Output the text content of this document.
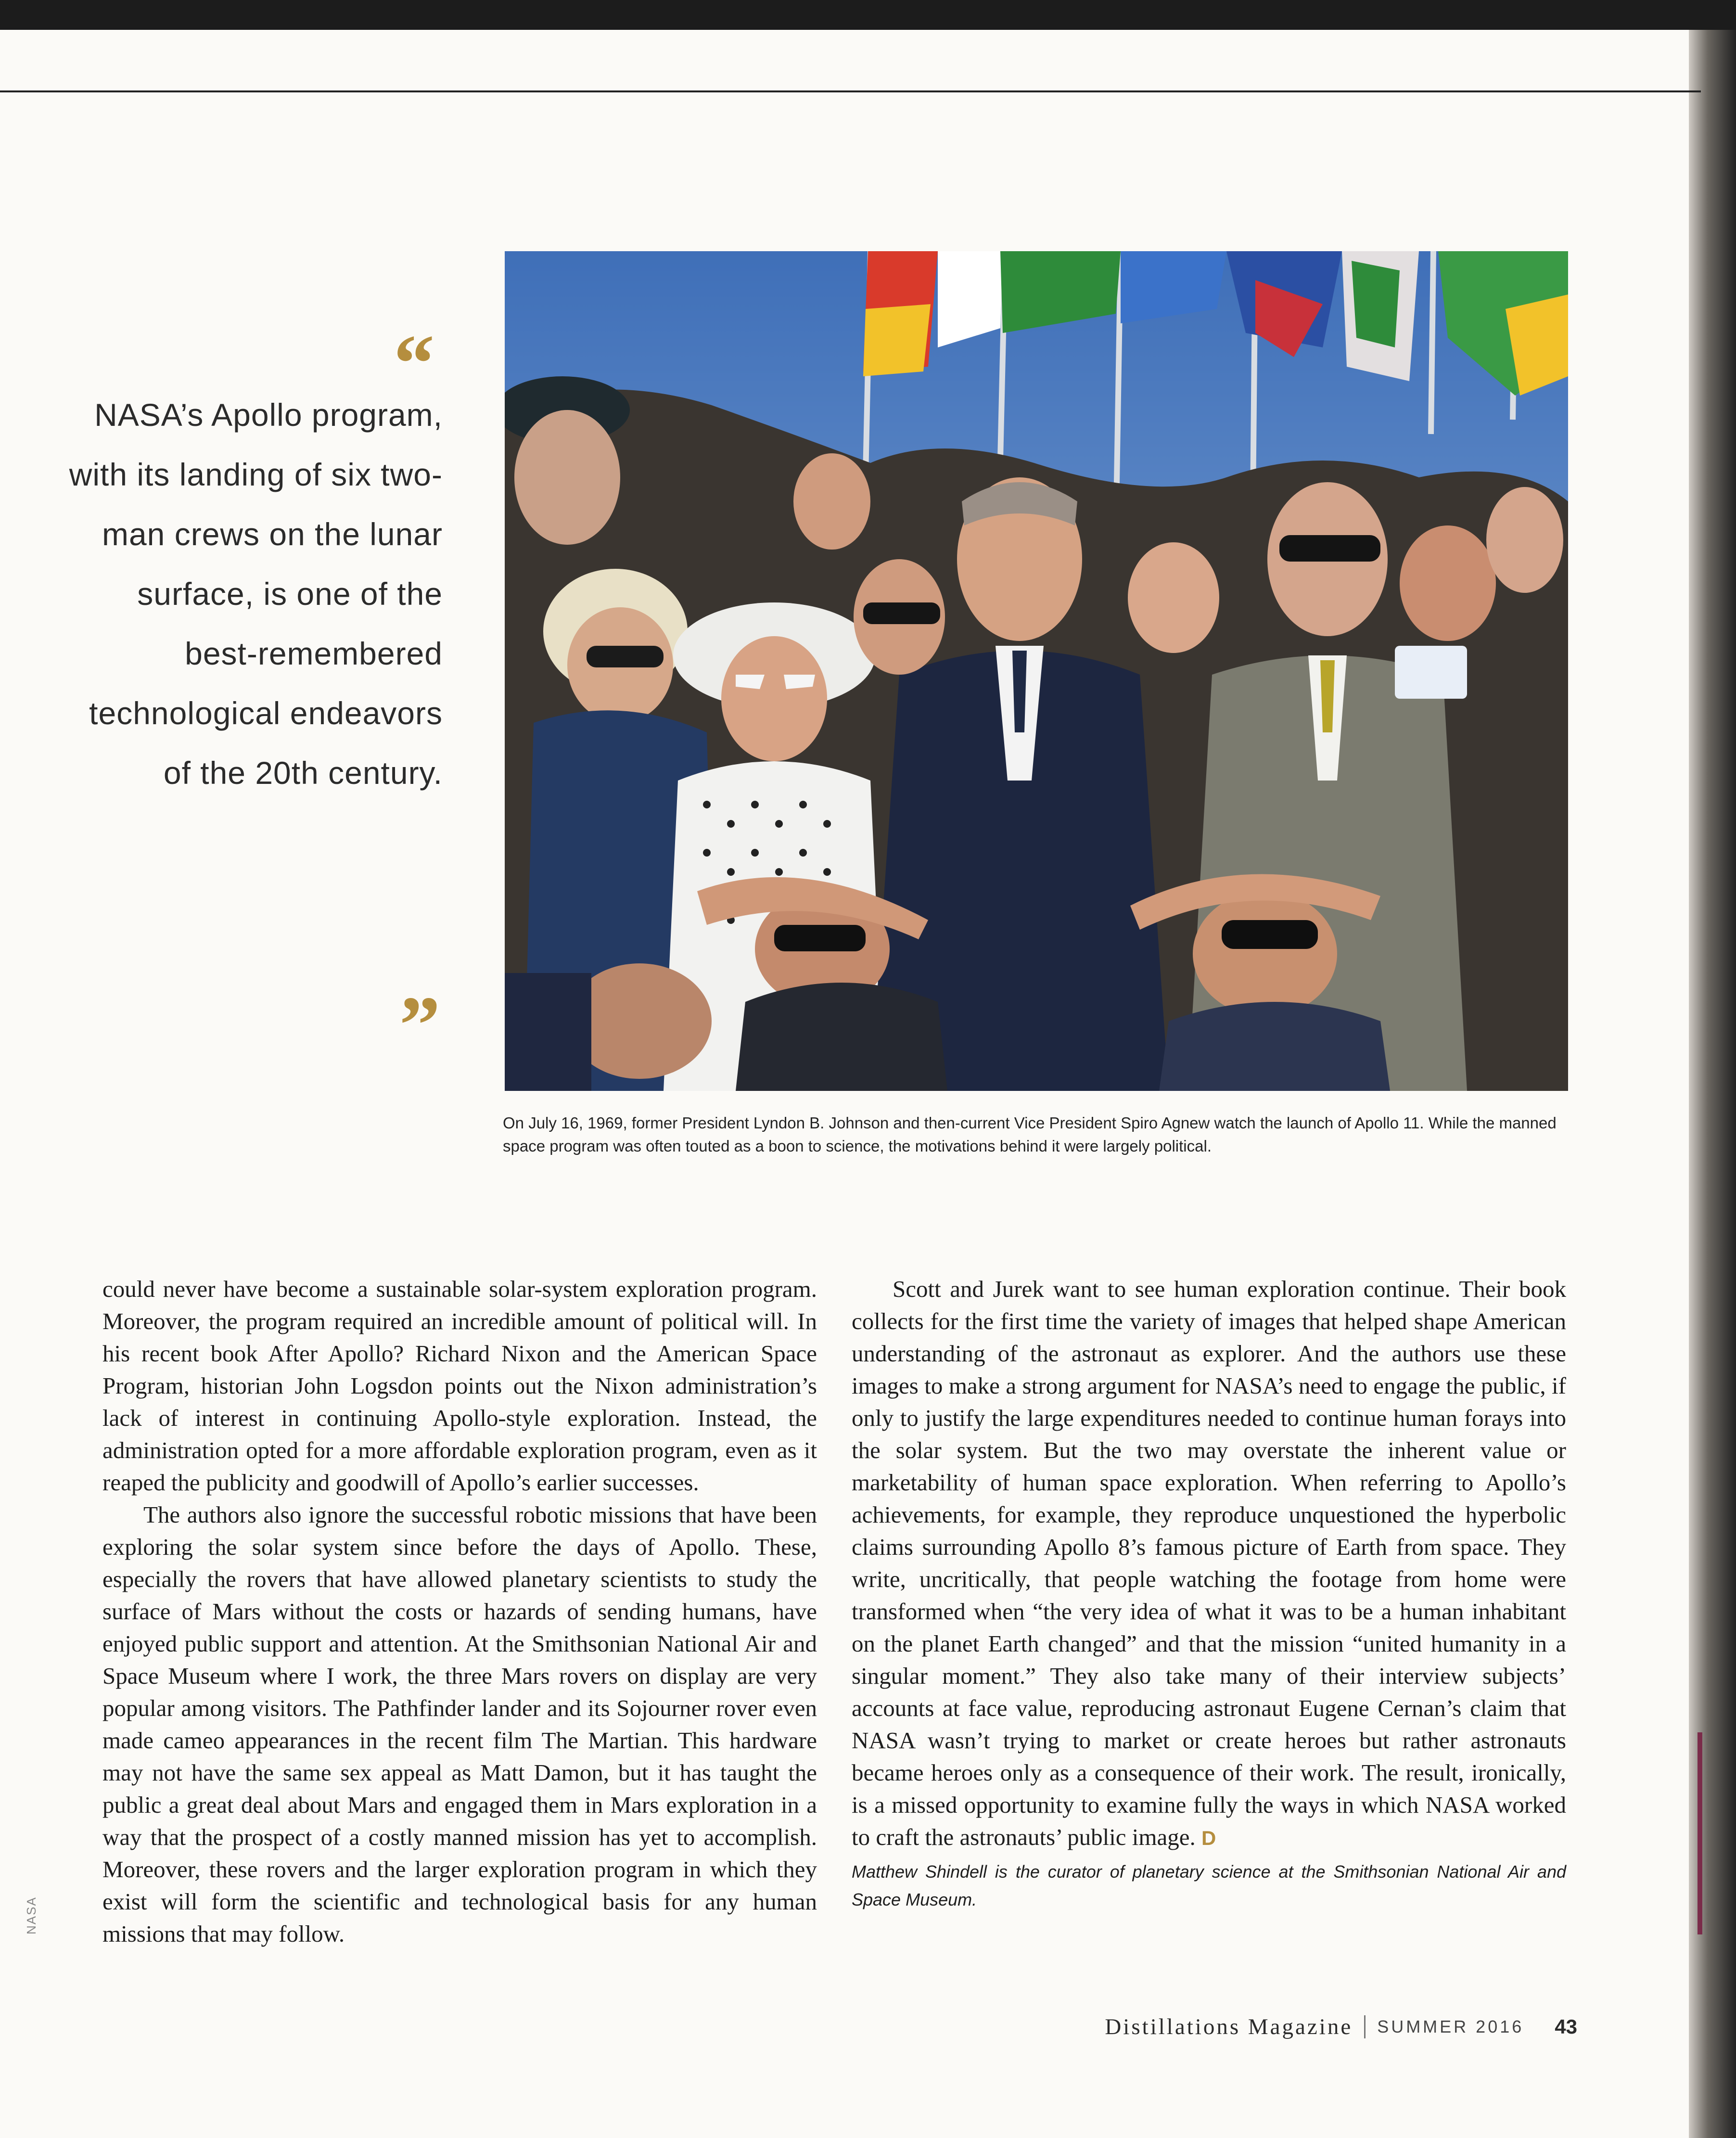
“

NASA’s Apollo program, with its landing of six two-man crews on the lunar surface, is one of the best-remembered technological endeavors of the 20th century.

”

On July 16, 1969, former President Lyndon B. Johnson and then-current Vice President Spiro Agnew watch the launch of Apollo 11. While the manned space program was often touted as a boon to science, the motivations behind it were largely political.

could never have become a sustainable solar-system exploration program. Moreover, the program required an incredible amount of political will. In his recent book After Apollo? Richard Nixon and the American Space Program, historian John Logsdon points out the Nixon administration’s lack of interest in continuing Apollo-style exploration. Instead, the administration opted for a more affordable exploration program, even as it reaped the publicity and goodwill of Apollo’s earlier successes.

The authors also ignore the successful robotic missions that have been exploring the solar system since before the days of Apollo. These, especially the rovers that have allowed planetary scientists to study the surface of Mars without the costs or hazards of sending humans, have enjoyed public support and attention. At the Smithsonian National Air and Space Museum where I work, the three Mars rovers on display are very popular among visitors. The Pathfinder lander and its Sojourner rover even made cameo appearances in the recent film The Martian. This hardware may not have the same sex appeal as Matt Damon, but it has taught the public a great deal about Mars and engaged them in Mars exploration in a way that the prospect of a costly manned mission has yet to accomplish. Moreover, these rovers and the larger exploration program in which they exist will form the scientific and technological basis for any human missions that may follow.

Scott and Jurek want to see human exploration continue. Their book collects for the first time the variety of images that helped shape American understanding of the astronaut as explorer. And the authors use these images to make a strong argument for NASA’s need to engage the public, if only to justify the large expenditures needed to continue human forays into the solar system. But the two may overstate the inherent value or marketability of human space exploration. When referring to Apollo’s achievements, for example, they reproduce unquestioned the hyperbolic claims surrounding Apollo 8’s famous picture of Earth from space. They write, uncritically, that people watching the footage from home were transformed when “the very idea of what it was to be a human inhabitant on the planet Earth changed” and that the mission “united humanity in a singular moment.” They also take many of their interview subjects’ accounts at face value, reproducing astronaut Eugene Cernan’s claim that NASA wasn’t trying to market or create heroes but rather astronauts became heroes only as a consequence of their work. The result, ironically, is a missed opportunity to examine fully the ways in which NASA worked to craft the astronauts’ public image. D

Matthew Shindell is the curator of planetary science at the Smithsonian National Air and Space Museum.

NASA
Distillations Magazine SUMMER 2016 43
